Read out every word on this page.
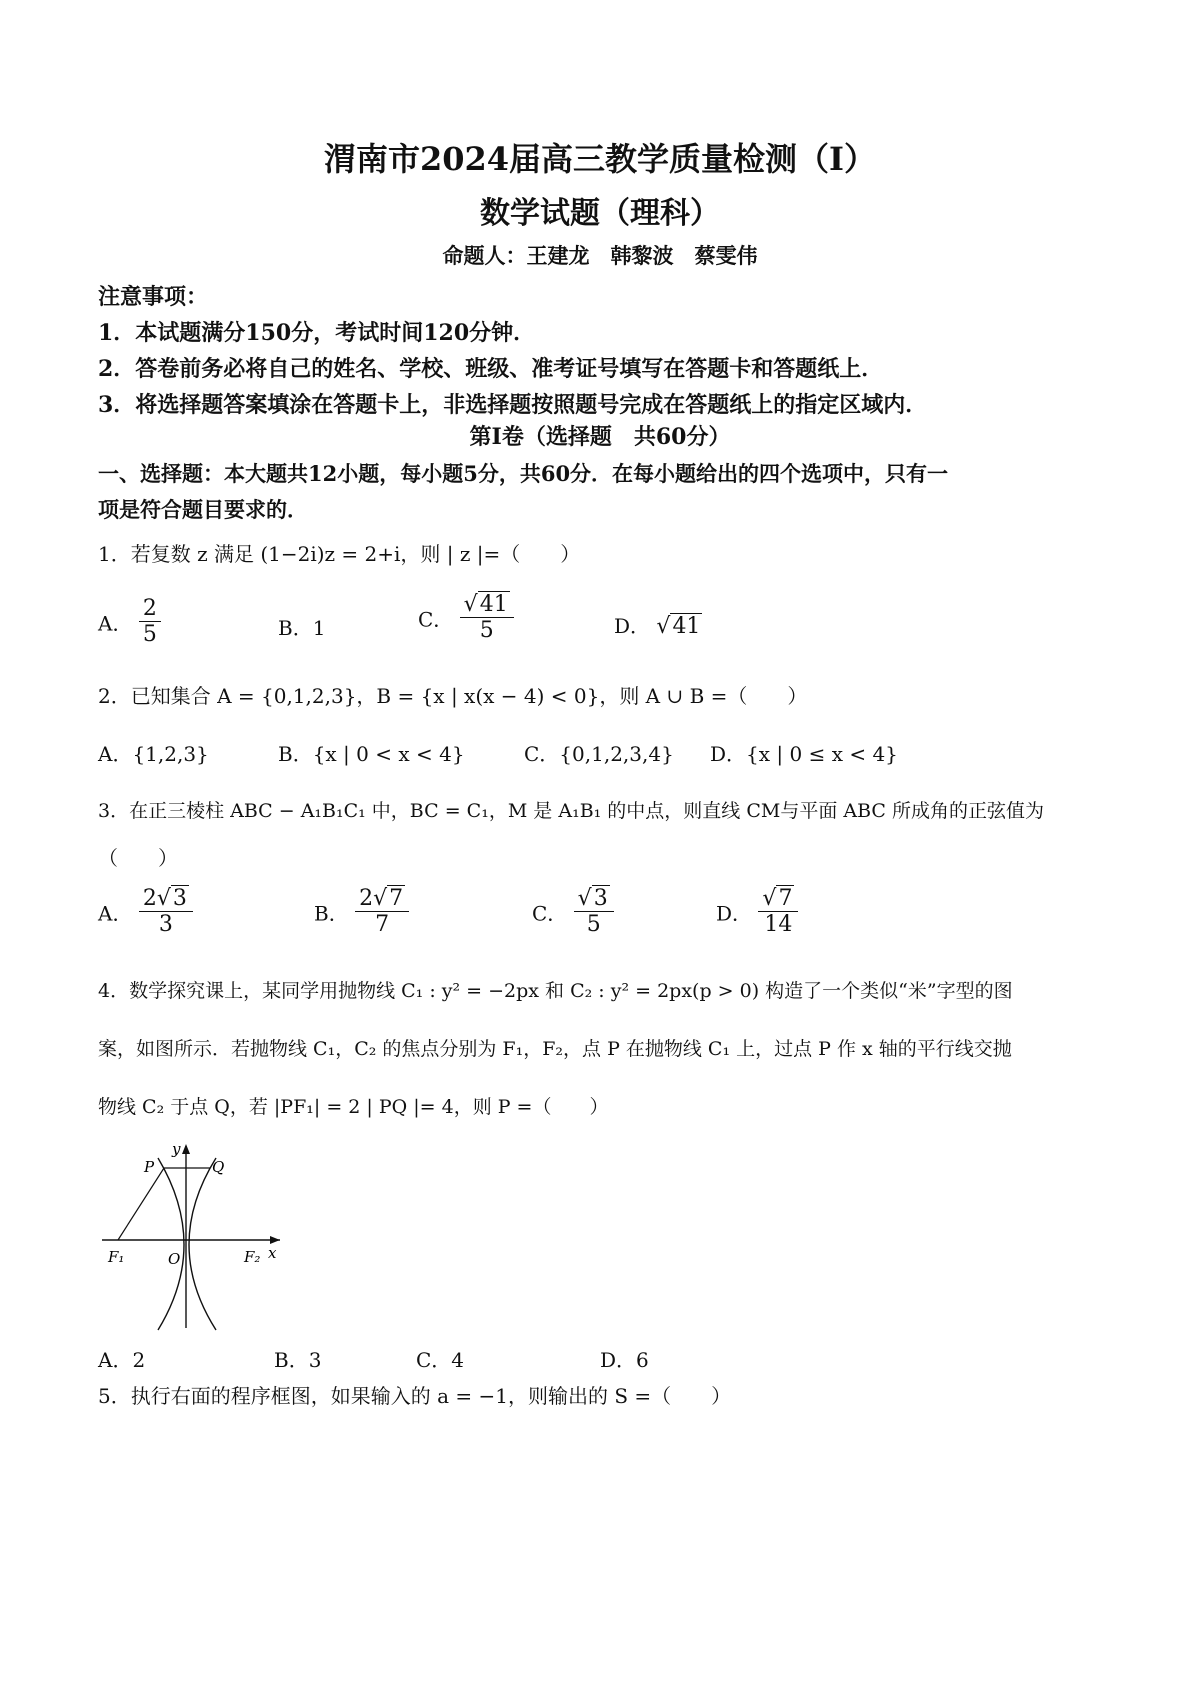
渭南市2024届高三教学质量检测（Ⅰ）
数学试题（理科）
命题人：王建龙　韩黎波　蔡雯伟
注意事项：
1．本试题满分150分，考试时间120分钟．
2．答卷前务必将自己的姓名、学校、班级、准考证号填写在答题卡和答题纸上．
3．将选择题答案填涂在答题卡上，非选择题按照题号完成在答题纸上的指定区域内．
第Ⅰ卷（选择题　共60分）
一、选择题：本大题共12小题，每小题5分，共60分．在每小题给出的四个选项中，只有一
项是符合题目要求的．
1．若复数 z 满足 (1−2i)z = 2+i，则 | z |=（　　）
A． $\frac{2}{5}$	B．1	C． $\frac{√41}{5}$	D． √41
2．已知集合 A = {0,1,2,3}，B = {x | x(x − 4) < 0}，则 A ∪ B =（　　）
A．{1,2,3}	B．{x | 0 < x < 4}	C．{0,1,2,3,4} D．{x | 0 ≤ x < 4}
3．在正三棱柱 ABC − A₁B₁C₁ 中，BC = C₁，M 是 A₁B₁ 的中点，则直线 CM与平面 ABC 所成角的正弦值为
（　　）
A． $\frac{2√3}{3}$	B． $\frac{2√7}{7}$	C． $\frac{√3}{5}$	D． $\frac{√7}{14}$
4．数学探究课上，某同学用抛物线 C₁ : y² = −2px 和 C₂ : y² = 2px(p > 0) 构造了一个类似“米”字型的图
案，如图所示．若抛物线 C₁，C₂ 的焦点分别为 F₁，F₂，点 P 在抛物线 C₁ 上，过点 P 作 x 轴的平行线交抛
物线 C₂ 于点 Q，若 |PF₁| = 2 | PQ |= 4，则 P =（　　）
y
P	Q
O
F₁	F₂ x
A．2	B．3	C．4	D．6
5．执行右面的程序框图，如果输入的 a = −1，则输出的 S =（　　）
